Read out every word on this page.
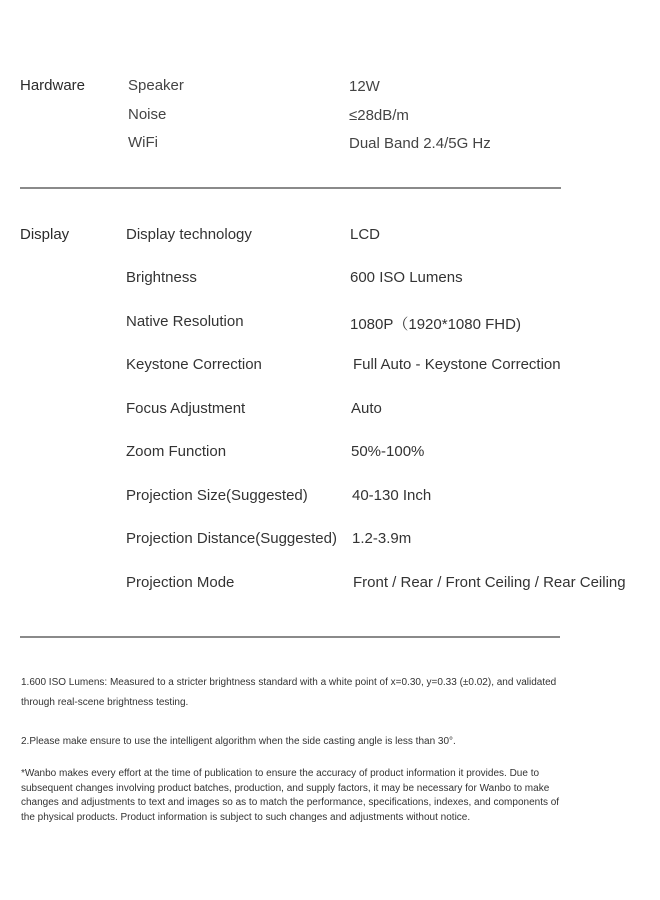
Hardware	Speaker	12W
Noise	≤28dB/m
WiFi	Dual Band 2.4/5G Hz
Display	Display technology	LCD
Brightness	600 ISO Lumens
Native Resolution	1080P（1920*1080 FHD)
Keystone Correction	Full Auto - Keystone Correction
Focus Adjustment	Auto
Zoom Function	50%-100%
Projection Size(Suggested)	40-130 Inch
Projection Distance(Suggested) 1.2-3.9m
Projection Mode	Front / Rear / Front Ceiling / Rear Ceiling
1.600 ISO Lumens: Measured to a stricter brightness standard with a white point of x=0.30, y=0.33 (±0.02), and validated
through real-scene brightness testing.
2.Please make ensure to use the intelligent algorithm when the side casting angle is less than 30°.
*Wanbo makes every effort at the time of publication to ensure the accuracy of product information it provides. Due to
subsequent changes involving product batches, production, and supply factors, it may be necessary for Wanbo to make
changes and adjustments to text and images so as to match the performance, specifications, indexes, and components of
the physical products. Product information is subject to such changes and adjustments without notice.
